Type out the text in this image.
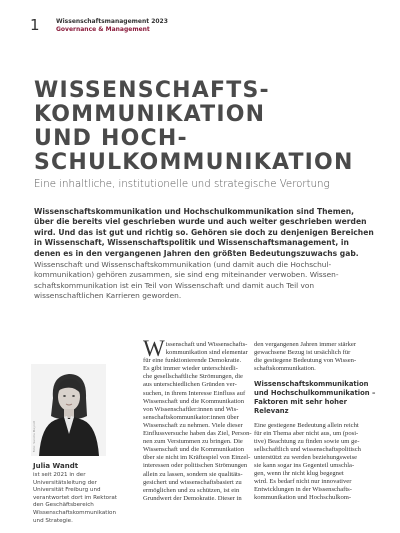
1	Wissenschaftsmanagement 2023
Governance & Management
WISSENSCHAFTS-
KOMMUNIKATION
UND HOCH-
SCHULKOMMUNIKATION
Eine inhaltliche, institutionelle und strategische Verortung
Wissenschaftskommunikation und Hochschulkommunikation sind Themen,
über die bereits viel geschrieben wurde und auch weiter geschrieben werden
wird. Und das ist gut und richtig so. Gehören sie doch zu denjenigen Bereichen
in Wissenschaft, Wissenschaftspolitik und Wissenschaftsmanagement, in
denen es in den vergangenen Jahren den größten Bedeutungszuwachs gab.
Wissenschaft und Wissenschaftskommunikation (und damit auch die Hochschul-
kommunikation) gehören zusammen, sie sind eng miteinander verwoben. Wissen-
schaftskommunikation ist ein Teil von Wissenschaft und damit auch Teil von
wissenschaftlichen Karrieren geworden.
Foto: Sandra Meyndt
Julia Wandt
ist seit 2021 in der
Universitätsleitung der
Universität Freiburg und
verantwortet dort im Rektorat
den Geschäftsbereich
Wissenschaftskommunikation
und Strategie.
W issenschaft und Wissenschafts-
kommunikation sind elementar
für eine funktionierende Demokratie.
Es gibt immer wieder unterschiedli-
che gesellschaftliche Strömungen, die
aus unterschiedlichen Gründen ver-
suchen, in ihrem Interesse Einfluss auf
Wissenschaft und die Kommunikation
von Wissenschaftler:innen und Wis-
senschaftskommunikator:innen über
Wissenschaft zu nehmen. Viele dieser
Einflussversuche haben das Ziel, Person-
nen zum Verstummen zu bringen. Die
Wissenschaft und die Kommunikation
über sie nicht im Kräftespiel von Einzel-
interessen oder politischen Strömungen
allein zu lassen, sondern sie qualitäts-
gesichert und wissenschaftsbasiert zu
ermöglichen und zu schützen, ist ein
Grundwert der Demokratie. Dieser in
den vergangenen Jahren immer stärker
gewachsene Bezug ist ursächlich für
die gestiegene Bedeutung von Wissen-
schaftskommunikation.
Wissenschaftskommunikation
und Hochschulkommunikation –
Faktoren mit sehr hoher
Relevanz
Eine gestiegene Bedeutung allein reicht
für ein Thema aber nicht aus, um (posi-
tive) Beachtung zu finden sowie um ge-
sellschaftlich und wissenschaftspolitisch
unterstützt zu werden beziehungsweise
sie kann sogar ins Gegenteil umschla-
gen, wenn ihr nicht klug begegnet
wird. Es bedarf nicht nur innovativer
Entwicklungen in der Wissenschafts-
kommunikation und Hochschulkom-
